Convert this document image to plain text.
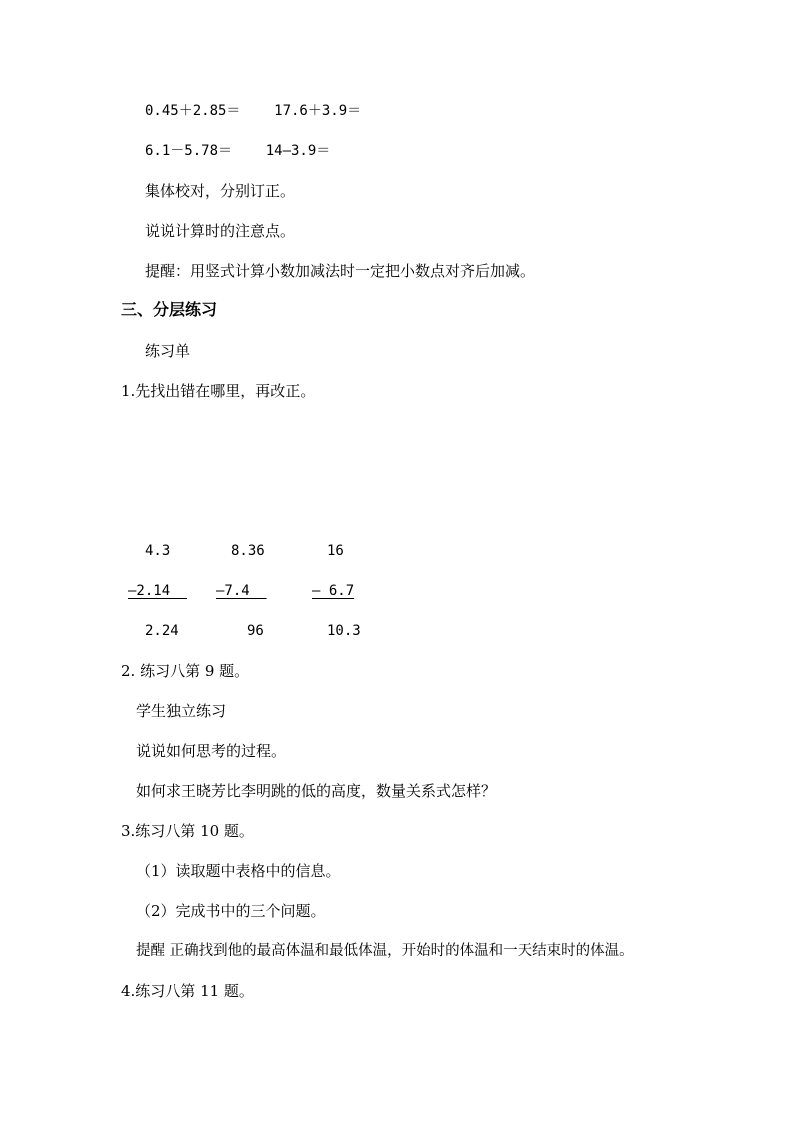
0.45＋2.85＝    17.6＋3.9＝
6.1－5.78＝    14—3.9＝
集体校对，分别订正。
说说计算时的注意点。
提醒：用竖式计算小数加减法时一定把小数点对齐后加减。
三、分层练习
练习单
1.先找出错在哪里，再改正。
4.3	8.36	16
—2.14 —7.4	— 6.7
2.24	96	10.3
2. 练习八第 9 题。
学生独立练习
说说如何思考的过程。
如何求王晓芳比李明跳的低的高度，数量关系式怎样？
3.练习八第 10 题。
（1）读取题中表格中的信息。
（2）完成书中的三个问题。
提醒 正确找到他的最高体温和最低体温，开始时的体温和一天结束时的体温。
4.练习八第 11 题。
